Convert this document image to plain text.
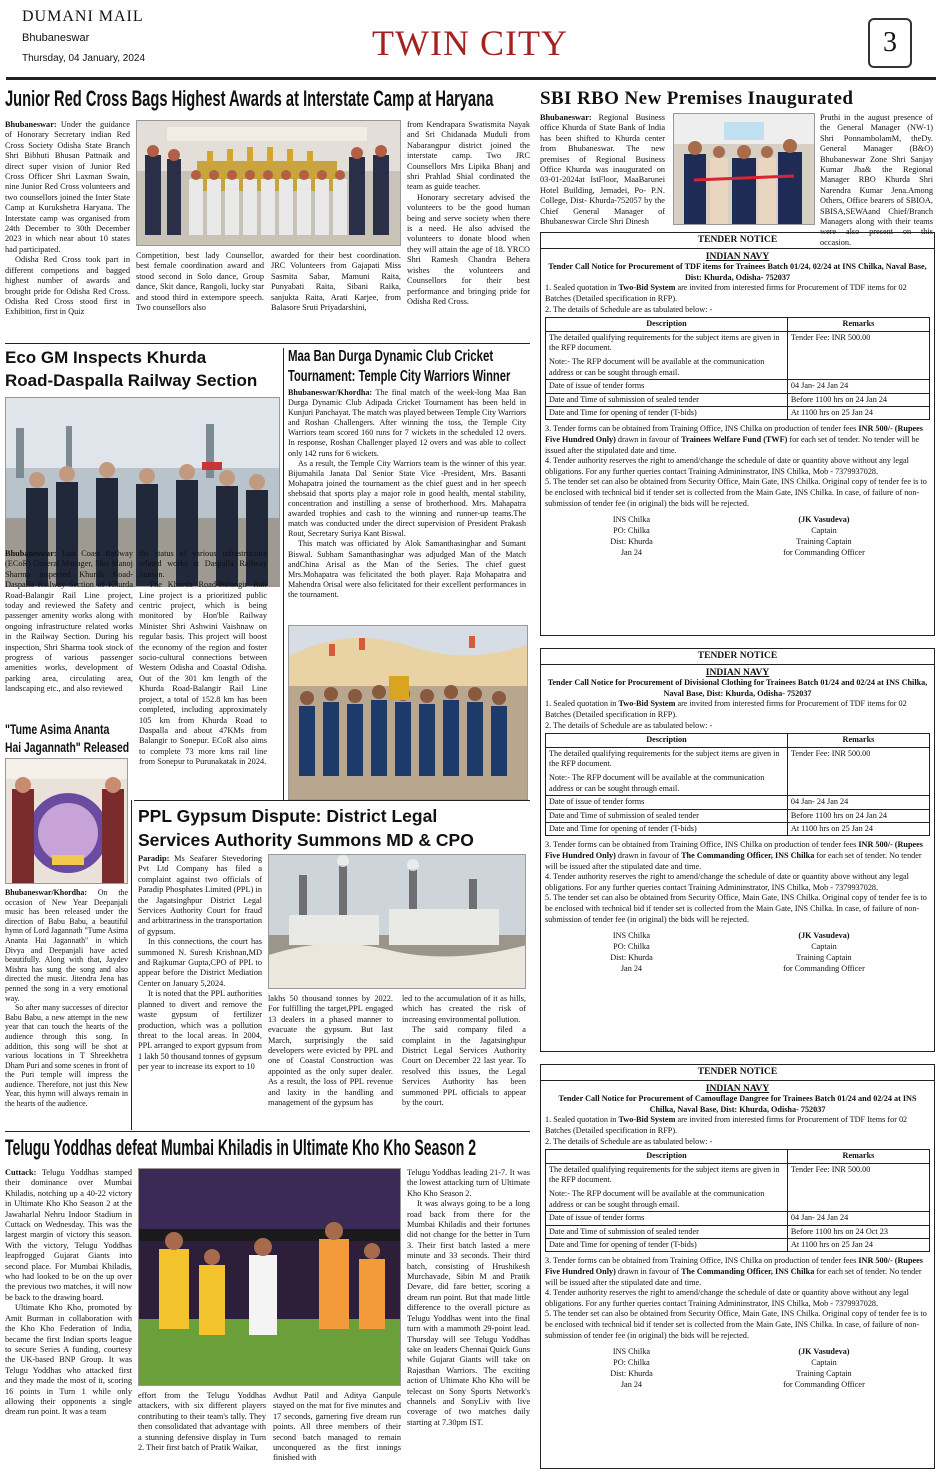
DUMANI MAIL
Bhubaneswar
Thursday, 04 January, 2024	TWIN CITY	3
Junior Red Cross Bags Highest Awards at Interstate Camp at Haryana

Bhubaneswar: Under the guidance of Honorary Secretary indian Red Cross Society Odisha State Branch Shri Bibhuti Bhusan Pattnaik and direct super vision of Junior Red Cross Officer Shri Laxman Swain, nine Junior Red Cross volunteers and two counsellors joined the Inter State Camp at Kurukshetra Haryana. The Interstate camp was organised from 24th December to 30th December 2023 in which near about 10 states had participated.

Odisha Red Cross took part in different competions and bagged highest number of awards and brought pride for Odisha Red Cross. Odisha Red Cross stood first in Exhibition, first in Quiz

Competition, best lady Counsellor, best female coordination award and stood second in Solo dance, Group dance, Skit dance, Rangoli, lucky star and stood third in extempore speech. Two counsellors also

awarded for their best coordination. JRC Volunteers from Gajapati Miss Sasmita Sabar, Mamuni Raita, Punyabati Raita, Sibani Raika, sanjukta Raita, Arati Karjee, from Balasore Sruti Priyadarshini,

from Kendrapara Swatismita Nayak and Sri Chidanada Muduli from Nabarangpur district joined the interstate camp. Two JRC Counsellors Mrs Lipika Bhanj and shri Prahlad Shial cordinated the team as guide teacher.

Honorary secretary advised the volunteers to be the good human being and serve society when there is a need. He also advised the volunteers to donate blood when they will attain the age of 18. YRCO Shri Ramesh Chandra Behera wishes the volunteers and Counsellors for their best performance and bringing pride for Odisha Red Cross.

SBI RBO New Premises Inaugurated

Bhubaneswar: Regional Business office Khurda of State Bank of India has been shifted to Khurda center from Bhubaneswar. The new premises of Regional Business Office Khurda was inaugurated on 03-01-2024at IstFloor, MaaBarunei Hotel Building, Jemadei, Po- P.N. College, Dist- Khurda-752057 by the Chief General Manager of Bhubaneswar Circle Shri Dinesh

Pruthi in the august presence of the General Manager (NW-1) Shri PonnambolamM, theDy. General Manager (B&O) Bhubaneswar Zone Shri Sanjay Kumar Jha& the Regional Manager RBO Khurda Shri Narendra Kumar Jena.Among Others, Office bearers of SBIOA, SBISA,SEWAand Chief/Branch Managers along with their teams were also present on this occasion.

TENDER NOTICE
INDIAN NAVY
Tender Call Notice for Procurement of TDF items for Trainees Batch 01/24, 02/24 at INS Chilka, Naval Base, Dist: Khurda, Odisha- 752037
1. Sealed quotation in Two-Bid System are invited from interested firms for Procurement of TDF items for 02 Batches (Detailed specification in RFP).
2. The details of Schedule are as tabulated below: -
Description	Remarks

The detailed qualifying requirements for the subject items are given in the RFP document.
Note:- The RFP document will be available at the communication address or can be sought through email.	Tender Fee: INR 500.00
Date of issue of tender forms	04 Jan- 24 Jan 24
Date and Time of submission of sealed tender	Before 1100 hrs on 24 Jan 24
Date and Time for opening of tender (T-bids)	At 1100 hrs on 25 Jan 24
3. Tender forms can be obtained from Training Office, INS Chilka on production of tender fees INR 500/- (Rupees Five Hundred Only) drawn in favour of Trainees Welfare Fund (TWF) for each set of tender. No tender will be issued after the stipulated date and time.
4. Tender authority reserves the right to amend/change the schedule of date or quantity above without any legal obligations. For any further queries contact Training Admininstrator, INS Chilka, Mob - 7379937028.
5. The tender set can also be obtained from Security Office, Main Gate, INS Chilka. Original copy of tender fee is to be enclosed with technical bid if tender set is collected from the Main Gate, INS Chilka. In case, of failure of non-submission of tender fee (in original) the bids will be rejected.
INS Chilka
PO: Chilka
Dist: Khurda
Jan 24
(JK Vasudeva)
Captain
Training Captain
for Commanding Officer
TENDER NOTICE
INDIAN NAVY
Tender Call Notice for Procurement of Divisional Clothing for Trainees Batch 01/24 and 02/24 at INS Chilka, Naval Base, Dist: Khurda, Odisha- 752037
1. Sealed quotation in Two-Bid System are invited from interested firms for Procurement of TDF items for 02 Batches (Detailed specification in RFP).
2. The details of Schedule are as tabulated below: -
Description	Remarks

The detailed qualifying requirements for the subject items are given in the RFP document.
Note:- The RFP document will be available at the communication address or can be sought through email.	Tender Fee: INR 500.00
Date of issue of tender forms	04 Jan- 24 Jan 24
Date and Time of submission of sealed tender	Before 1100 hrs on 24 Jan 24
Date and Time for opening of tender (T-bids)	At 1100 hrs on 25 Jan 24
3. Tender forms can be obtained from Training Office, INS Chilka on production of tender fees INR 500/- (Rupees Five Hundred Only) drawn in favour of The Commanding Officer, INS Chilka for each set of tender. No tender will be issued after the stipulated date and time.
4. Tender authority reserves the right to amend/change the schedule of date or quantity above without any legal obligations. For any further queries contact Training Admininstrator, INS Chilka, Mob - 7379937028.
5. The tender set can also be obtained from Security Office, Main Gate, INS Chilka. Original copy of tender fee is to be enclosed with technical bid if tender set is collected from the Main Gate, INS Chilka. In case, of failure of non-submission of tender fee (in original) the bids will be rejected.
INS Chilka
PO: Chilka
Dist: Khurda
Jan 24
(JK Vasudeva)
Captain
Training Captain
for Commanding Officer
TENDER NOTICE
INDIAN NAVY
Tender Call Notice for Procurement of Camouflage Dangree for Trainees Batch 01/24 and 02/24 at INS Chilka, Naval Base, Dist: Khurda, Odisha- 752037
1. Sealed quotation in Two-Bid System are invited from interested firms for Procurement of TDF Items for 02 Batches (Detailed specification in RFP).
2. The details of Schedule are as tabulated below: -
Description	Remarks

The detailed qualifying requirements for the subject items are given in the RFP document.
Note:- The RFP document will be available at the communication address or can be sought through email.	Tender Fee: INR 500.00
Date of issue of tender forms	04 Jan- 24 Jan 24
Date and Time of submission of sealed tender	Before 1100 hrs on 24 Oct 23
Date and Time for opening of tender (T-bids)	At 1100 hrs on 25 Jan 24
3. Tender forms can be obtained from Training Office, INS Chilka on production of tender fees INR 500/- (Rupees Five Hundred Only) drawn in favour of The Commanding Officer, INS Chilka for each set of tender. No tender will be issued after the stipulated date and time.
4. Tender authority reserves the right to amend/change the schedule of date or quantity above without any legal obligations. For any further queries contact Training Admininstrator, INS Chilka, Mob - 7379937028.
5. The tender set can also be obtained from Security Office, Main Gate, INS Chilka. Original copy of tender fee is to be enclosed with technical bid if tender set is collected from the Main Gate, INS Chilka. In case, of failure of non-submission of tender fee (in original) the bids will be rejected.
INS Chilka
PO: Chilka
Dist: Khurda
Jan 24
(JK Vasudeva)
Captain
Training Captain
for Commanding Officer
Eco GM Inspects Khurda
Road-Daspalla Railway Section

Bhubaneswar: East Coast Railway (ECoR) General Manager, Shri Manoj Sharma inspected Khurda Road-Daspalla Railway Section of Khurda Road-Balangir Rail Line project, today and reviewed the Safety and passenger amenity works along with ongoing infrastructure related works in the Railway Section. During his inspection, Shri Sharma took stock of progress of various passenger amenities works, development of parking area, circulating area, landscaping etc., and also reviewed

the status of various infrastructure related works at Daspalla Railway Station.

The Khurda Road-Balangir Rail Line project is a prioritized public centric project, which is being monitored by Hon'ble Railway Minister Shri Ashwini Vaishnaw on regular basis. This project will boost the economy of the region and foster socio-cultural connections between Western Odisha and Coastal Odisha. Out of the 301 km length of the Khurda Road-Balangir Rail Line project, a total of 152.8 km has been completed, including approximately 105 km from Khurda Road to Daspalla and about 47KMs from Balangir to Sonepur. ECoR also aims to complete 73 more kms rail line from Sonepur to Purunakatak in 2024.

Maa Ban Durga Dynamic Club Cricket
Tournament: Temple City Warriors Winner

Bhubaneswar/Khordha: The final match of the week-long Maa Ban Durga Dynamic Club Adipada Cricket Tournament has been held in Kunjuri Panchayat. The match was played between Temple City Warriors and Roshan Challengers. After winning the toss, the Temple City Warriors team scored 160 runs for 7 wickets in the scheduled 12 overs. In response, Roshan Challenger played 12 overs and was able to collect only 142 runs for 6 wickets.

As a result, the Temple City Warriors team is the winner of this year. Bijumahila Janata Dal Senior State Vice -President, Mrs. Basanti Mohapatra joined the tournament as the chief guest and in her speech shebsaid that sports play a major role in good health, mental stability, concentration and instilling a sense of brotherhood. Mrs. Mahapatra awarded trophies and cash to the winning and runner-up teams.The match was conducted under the direct supervision of President Prakash Rout, Secretary Suriya Kant Biswal.

This match was officiated by Alok Samanthasinghar and Sumant Biswal. Subham Samanthasinghar was adjudged Man of the Match andChina Arisal as the Man of the Series. The chief guest Mrs.Mohapatra was felicitated the both player. Raja Mohapatra and Mahendra Orisal were also felicitated for their excellent performances in the tournament.

"Tume Asima Ananta
Hai Jagannath" Released

Bhubaneswar/Khordha: On the occasion of New Year Deepanjali music has been released under the direction of Babu Babu, a beautiful hymn of Lord Jagannath "Tume Asima Ananta Hai Jagannath" in which Divya and Deepanjali have acted beautifully. Along with that, Jaydev Mishra has sung the song and also directed the music. Jitendra Jena has penned the song in a very emotional way.

So after many successes of director Babu Babu, a new attempt in the new year that can touch the hearts of the audience through this song. In addition, this song will be shot at various locations in T Shreekhetra Dham Puri and some scenes in front of the Puri temple will impress the audience. Therefore, not just this New Year, this hymn will always remain in the hearts of the audience.

PPL Gypsum Dispute: District Legal
Services Authority Summons MD & CPO

Paradip: Ms Seafarer Stevedoring Pvt Ltd Company has filed a complaint against two officials of Paradip Phosphates Limited (PPL) in the Jagatsinghpur District Legal Services Authority Court for fraud and arbitrariness in the transportation of gypsum.

In this connections, the court has summoned N. Suresh Krishnan,MD and Rajkumar Gupta,CPO of PPL to appear before the District Mediation Center on January 5,2024.

It is noted that the PPL authorities planned to divert and remove the waste gypsum of fertilizer production, which was a pollution threat to the local areas. In 2004, PPL arranged to export gypsum from 1 lakh 50 thousand tonnes of gypsum per year to increase its export to 10

lakhs 50 thousand tonnes by 2022. For fulfilling the target,PPL engaged 13 dealers in a phased manner to evacuate the gypsum. But last March, surprisingly the said developers were evicted by PPL and one of Coastal Construction was appointed as the only super dealer. As a result, the loss of PPL revenue and laxity in the handling and management of the gypsum has

led to the accumulation of it as hills, which has created the risk of increasing environmental pollution.

The said company filed a complaint in the Jagatsinghpur District Legal Services Authority Court on December 22 last year. To resolved this issues, the Legal Services Authority has been summoned PPL officials to appear by the court.

Telugu Yoddhas defeat Mumbai Khiladis in Ultimate Kho Kho Season 2

Cuttack: Telugu Yoddhas stamped their dominance over Mumbai Khiladis, notching up a 40-22 victory in Ultimate Kho Kho Season 2 at the Jawaharlal Nehru Indoor Stadium in Cuttack on Wednesday. This was the largest margin of victory this season. With the victory, Telugu Yoddhas leapfrogged Gujarat Giants into second place. For Mumbai Khiladis, who had looked to be on the up over the previous two matches, it will now be back to the drawing board.

Ultimate Kho Kho, promoted by Amit Burman in collaboration with the Kho Kho Federation of India, became the first Indian sports league to secure Series A funding, courtesy the UK-based BNP Group. It was Telugu Yoddhas who attacked first and they made the most of it, scoring 16 points in Turn 1 while only allowing their opponents a single dream run point. It was a team

effort from the Telugu Yoddhas attackers, with six different players contributing to their team's tally. They then consolidated that advantage with a stunning defensive display in Turn 2. Their first batch of Pratik Waikar,

Avdhut Patil and Aditya Ganpule stayed on the mat for five minutes and 17 seconds, garnering five dream run points. All three members of their second batch managed to remain unconquered as the first innings finished with

Telugu Yoddhas leading 21-7. It was the lowest attacking turn of Ultimate Kho Kho Season 2.

It was always going to be a long road back from there for the Mumbai Khiladis and their fortunes did not change for the better in Turn 3. Their first batch lasted a mere minute and 33 seconds. Their third batch, consisting of Hrushikesh Murchavade, Sibin M and Pratik Devare, did fare better, scoring a dream run point. But that made little difference to the overall picture as Telugu Yoddhas went into the final turn with a mammoth 29-point lead. Thursday will see Telugu Yoddhas take on leaders Chennai Quick Guns while Gujarat Giants will take on Rajasthan Warriors. The exciting action of Ultimate Kho Kho will be telecast on Sony Sports Network's channels and SonyLiv with live coverage of two matches daily starting at 7.30pm IST.
